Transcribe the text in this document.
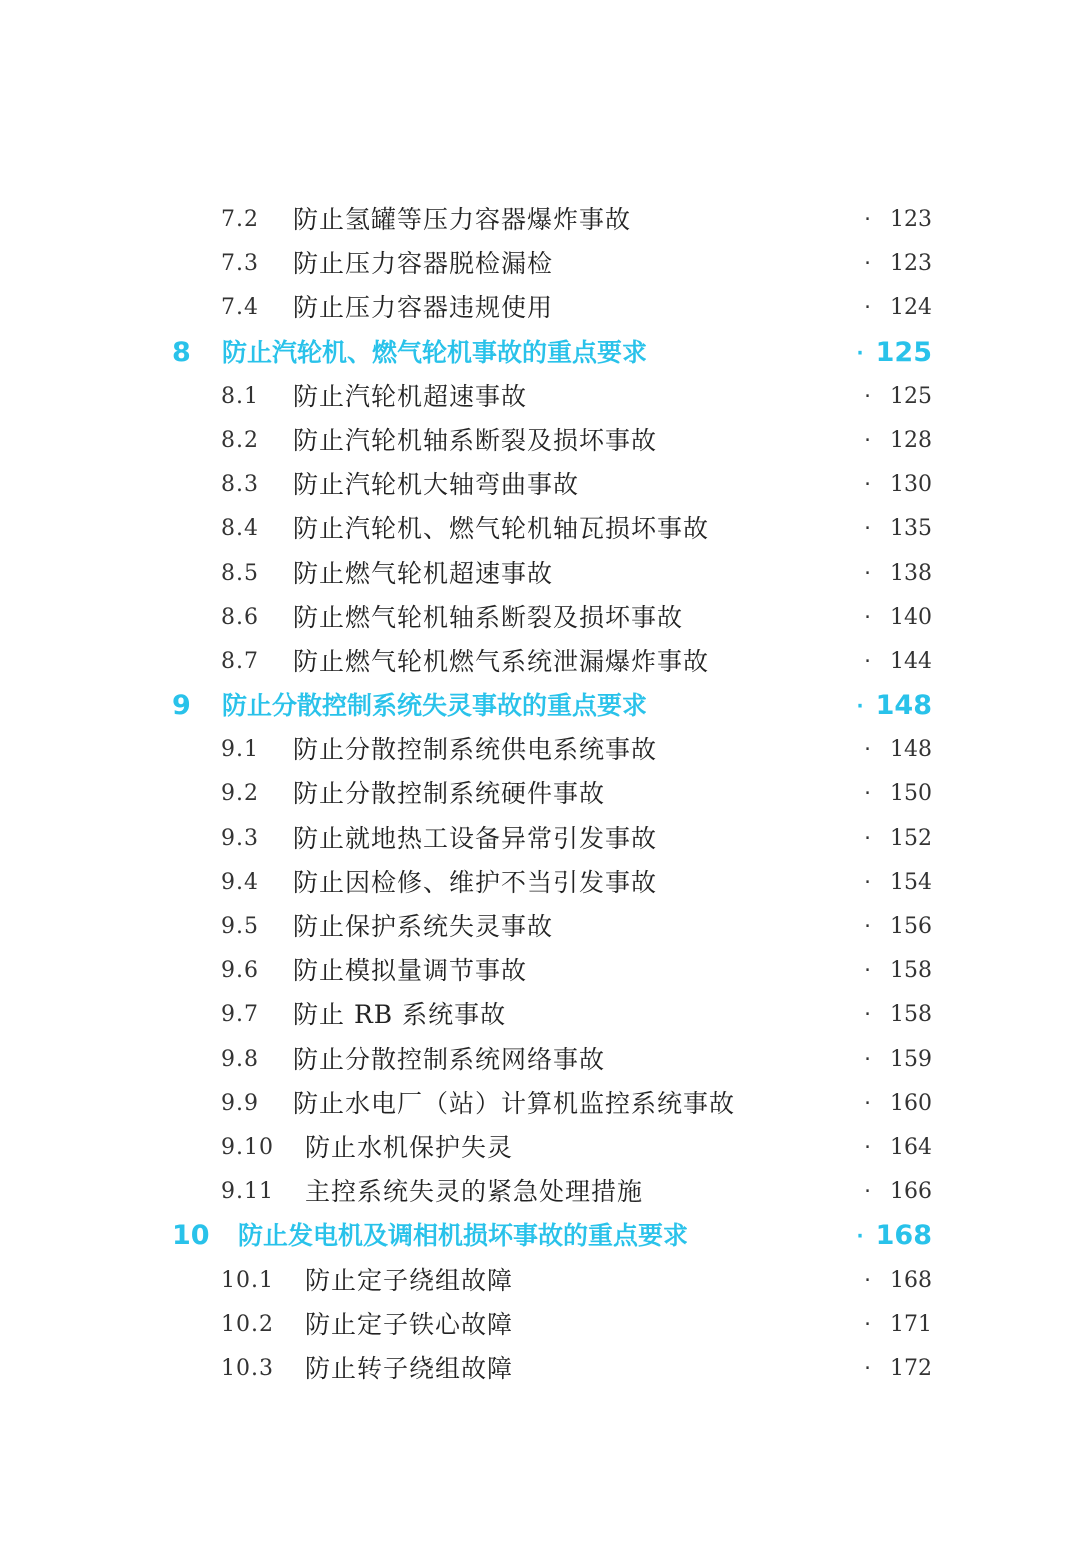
7.2 防止氢罐等压力容器爆炸事故	· 123
7.3 防止压力容器脱检漏检	· 123
7.4 防止压力容器违规使用	· 124
8 防止汽轮机、燃气轮机事故的重点要求	· 125
8.1 防止汽轮机超速事故	· 125
8.2 防止汽轮机轴系断裂及损坏事故	· 128
8.3 防止汽轮机大轴弯曲事故	· 130
8.4 防止汽轮机、燃气轮机轴瓦损坏事故	· 135
8.5 防止燃气轮机超速事故	· 138
8.6 防止燃气轮机轴系断裂及损坏事故	· 140
8.7 防止燃气轮机燃气系统泄漏爆炸事故	· 144
9 防止分散控制系统失灵事故的重点要求	· 148
9.1 防止分散控制系统供电系统事故	· 148
9.2 防止分散控制系统硬件事故	· 150
9.3 防止就地热工设备异常引发事故	· 152
9.4 防止因检修、维护不当引发事故	· 154
9.5 防止保护系统失灵事故	· 156
9.6 防止模拟量调节事故	· 158
9.7 防止 RB 系统事故	· 158
9.8 防止分散控制系统网络事故	· 159
9.9 防止水电厂（站）计算机监控系统事故	· 160
9.10 防止水机保护失灵	· 164
9.11 主控系统失灵的紧急处理措施	· 166
10 防止发电机及调相机损坏事故的重点要求	· 168
10.1 防止定子绕组故障	· 168
10.2 防止定子铁心故障	· 171
10.3 防止转子绕组故障	· 172
